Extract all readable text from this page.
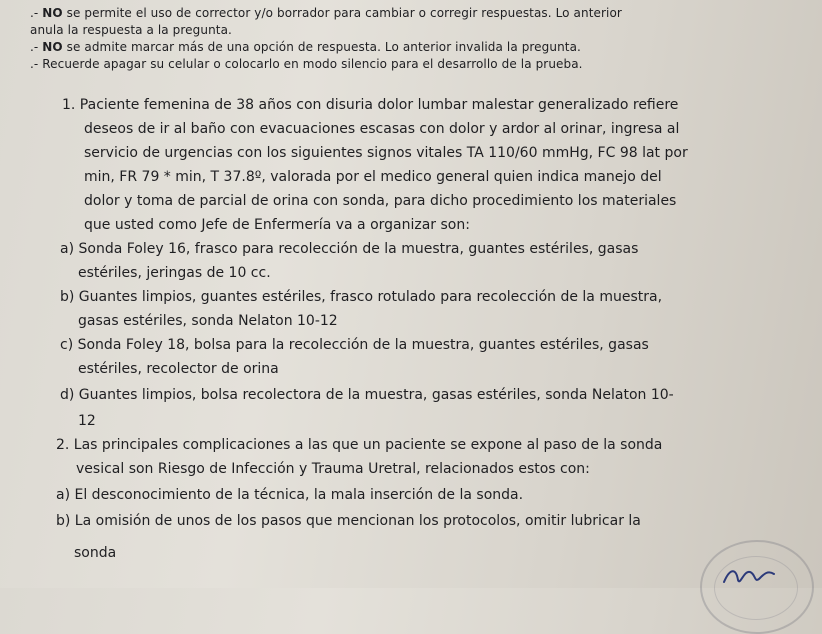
.- NO se permite el uso de corrector y/o borrador para cambiar o corregir respuestas. Lo anterior
anula la respuesta a la pregunta.
.- NO se admite marcar más de una opción de respuesta. Lo anterior invalida la pregunta.
.- Recuerde apagar su celular o colocarlo en modo silencio para el desarrollo de la prueba.
1. Paciente femenina de 38 años con disuria dolor lumbar malestar generalizado refiere
deseos de ir al baño con evacuaciones escasas con dolor y ardor al orinar, ingresa al
servicio de urgencias con los siguientes signos vitales TA 110/60 mmHg, FC 98 lat por
min, FR 79 * min, T 37.8º, valorada por el medico general quien indica manejo del
dolor y toma de parcial de orina con sonda, para dicho procedimiento los materiales
que usted como Jefe de Enfermería va a organizar son:
a) Sonda Foley 16, frasco para recolección de la muestra, guantes estériles, gasas
estériles, jeringas de 10 cc.
b) Guantes limpios, guantes estériles, frasco rotulado para recolección de la muestra,
gasas estériles, sonda Nelaton 10-12
c) Sonda Foley 18, bolsa para la recolección de la muestra, guantes estériles, gasas
estériles, recolector de orina
d) Guantes limpios, bolsa recolectora de la muestra, gasas estériles, sonda Nelaton 10-
12
2. Las principales complicaciones a las que un paciente se expone al paso de la sonda
vesical son Riesgo de Infección y Trauma Uretral, relacionados estos con:
a) El desconocimiento de la técnica, la mala inserción de la sonda.
b) La omisión de unos de los pasos que mencionan los protocolos, omitir lubricar la
sonda
